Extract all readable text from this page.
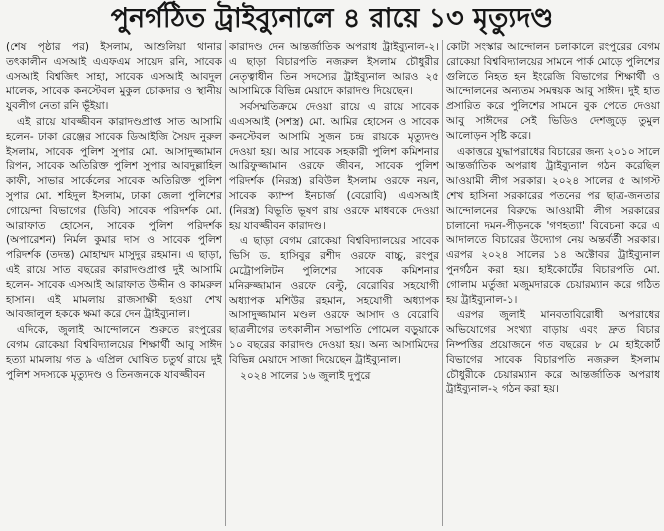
পুনর্গঠিত ট্রাইব্যুনালে ৪ রায়ে ১৩ মৃত্যুদণ্ড

(শেষ পৃষ্ঠার পর) ইসলাম, আশুলিয়া থানার তৎকালীন এসআই এএফএম সায়েদ রনি, সাবেক এসআই বিশ্বজিৎ সাহা, সাবেক এসআই আবদুল মালেক, সাবেক কনস্টেবল মুকুল চোকদার ও স্থানীয় যুবলীগ নেতা রনি ভূঁইয়া।

এই রায়ে যাবজ্জীবন কারাদণ্ডপ্রাপ্ত সাত আসামি হলেন- ঢাকা রেঞ্জের সাবেক ডিআইজি সৈয়দ নুরুল ইসলাম, সাবেক পুলিশ সুপার মো. আসাদুজ্জামান রিপন, সাবেক অতিরিক্ত পুলিশ সুপার আবদুল্লাহিল কাফী, সাভার সার্কেলের সাবেক অতিরিক্ত পুলিশ সুপার মো. শহিদুল ইসলাম, ঢাকা জেলা পুলিশের গোয়েন্দা বিভাগের (ডিবি) সাবেক পরিদর্শক মো. আরাফাত হোসেন, সাবেক পুলিশ পরিদর্শক (অপারেশন) নির্মল কুমার দাস ও সাবেক পুলিশ পরিদর্শক (তদন্ত) মোহাম্মদ মাসুদুর রহমান। এ ছাড়া, এই রায়ে সাত বছরের কারাদণ্ডপ্রাপ্ত দুই আসামি হলেন- সাবেক এসআই আরাফাত উদ্দীন ও কামরুল হাসান। এই মামলায় রাজসাক্ষী হওয়া শেখ আবজালুল হককে ক্ষমা করে দেন ট্রাইব্যুনাল।

এদিকে, জুলাই আন্দোলনে শুরুতে রংপুরের বেগম রোকেয়া বিশ্ববিদ্যালয়ের শিক্ষার্থী আবু সাঈদ হত্যা মামলায় গত ৯ এপ্রিল ঘোষিত চতুর্থ রায়ে দুই পুলিশ সদস্যকে মৃত্যুদণ্ড ও তিনজনকে যাবজ্জীবন

কারাদণ্ড দেন আন্তর্জাতিক অপরাধ ট্রাইব্যুনাল-২। এ ছাড়া বিচারপতি নজরুল ইসলাম চৌধুরীর নেতৃত্বাধীন তিন সদস্যের ট্রাইব্যুনাল আরও ২৫ আসামিকে বিভিন্ন মেয়াদে কারাদণ্ড দিয়েছেন।

সর্বসম্মতিক্রমে দেওয়া রায়ে এ রায়ে সাবেক এএসআই (সশস্ত্র) মো. আমির হোসেন ও সাবেক কনস্টেবল আসামি সুজন চন্দ্র রায়কে মৃত্যুদণ্ড দেওয়া হয়। আর সাবেক সহকারী পুলিশ কমিশনার আরিফুজ্জামান ওরফে জীবন, সাবেক পুলিশ পরিদর্শক (নিরস্ত্র) রবিউল ইসলাম ওরফে নয়ন, সাবেক ক্যাম্প ইনচার্জ (বেরোবি) এএসআই (নিরস্ত্র) বিভূতি ভূষণ রায় ওরফে মাধবকে দেওয়া হয় যাবজ্জীবন কারাদণ্ড।

এ ছাড়া বেগম রোকেয়া বিশ্ববিদ্যালয়ের সাবেক ভিসি ড. হাসিবুর রশীদ ওরফে বাচ্চু, রংপুর মেট্রোপলিটন পুলিশের সাবেক কমিশনার মনিরুজ্জামান ওরফে বেল্টু, বেরোবির সহযোগী অধ্যাপক মশিউর রহমান, সহযোগী অধ্যাপক আসাদুজ্জামান মণ্ডল ওরফে আসাদ ও বেরোবি ছাত্রলীগের তৎকালীন সভাপতি পোমেল বড়ুয়াকে ১০ বছরের কারাদণ্ড দেওয়া হয়। অন্য আসামিদের বিভিন্ন মেয়াদে সাজা দিয়েছেন ট্রাইব্যুনাল।

২০২৪ সালের ১৬ জুলাই দুপুরে

কোটা সংস্কার আন্দোলন চলাকালে রংপুরের বেগম রোকেয়া বিশ্ববিদ্যালয়ের সামনে পার্ক মোড়ে পুলিশের গুলিতে নিহত হন ইংরেজি বিভাগের শিক্ষার্থী ও আন্দোলনের অন্যতম সমন্বয়ক আবু সাঈদ। দুই হাত প্রসারিত করে পুলিশের সামনে বুক পেতে দেওয়া আবু সাঈদের সেই ভিডিও দেশজুড়ে তুমুল আলোড়ন সৃষ্টি করে।

একাত্তরে যুদ্ধাপরাধের বিচারের জন্য ২০১০ সালে আন্তর্জাতিক অপরাধ ট্রাইব্যুনাল গঠন করেছিল আওয়ামী লীগ সরকার। ২০২৪ সালের ৫ আগস্ট শেখ হাসিনা সরকারের পতনের পর ছাত্র-জনতার আন্দোলনের বিরুদ্ধে আওয়ামী লীগ সরকারের চালানো দমন-পীড়নকে 'গণহত্যা' বিবেচনা করে এ আদালতে বিচারের উদ্যোগ নেয় অন্তর্বর্তী সরকার। এরপর ২০২৪ সালের ১৪ অক্টোবর ট্রাইব্যুনাল পুনর্গঠন করা হয়। হাইকোর্টের বিচারপতি মো. গোলাম মর্তুজা মজুমদারকে চেয়ারম্যান করে গঠিত হয় ট্রাইব্যুনাল-১।

এরপর জুলাই মানবতাবিরোধী অপরাধের অভিযোগের সংখ্যা বাড়ায় এবং দ্রুত বিচার নিষ্পত্তির প্রয়োজনে গত বছরের ৮ মে হাইকোর্ট বিভাগের সাবেক বিচারপতি নজরুল ইসলাম চৌধুরীকে চেয়ারম্যান করে আন্তর্জাতিক অপরাধ ট্রাইব্যুনাল-২ গঠন করা হয়।
